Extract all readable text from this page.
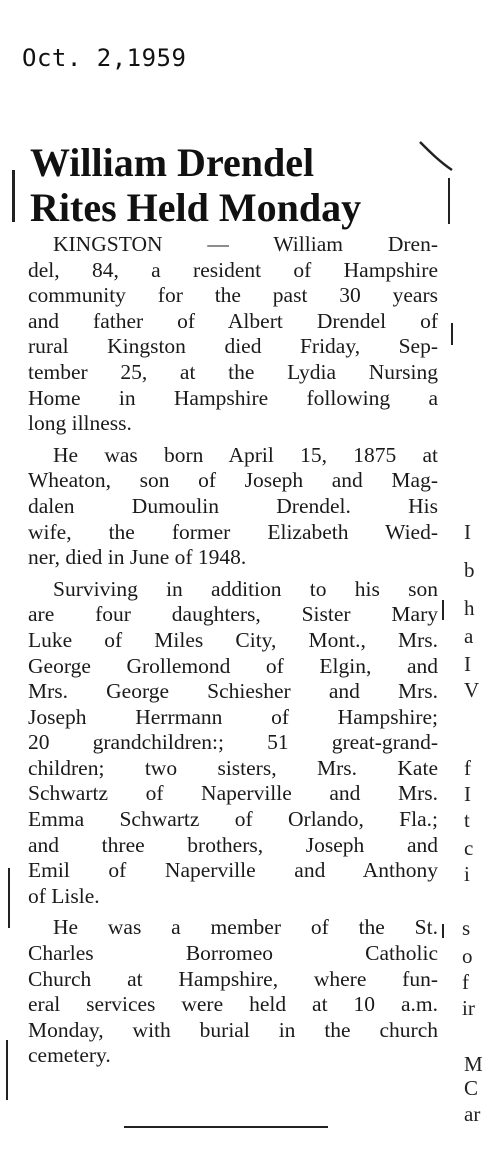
Oct. 2,1959
William Drendel
Rites Held Monday
KINGSTON — William Dren-
del, 84, a resident of Hampshire
community for the past 30 years
and father of Albert Drendel of
rural Kingston died Friday, Sep-
tember 25, at the Lydia Nursing
Home in Hampshire following a
long illness.
He was born April 15, 1875 at
Wheaton, son of Joseph and Mag-
dalen Dumoulin Drendel. His
wife, the former Elizabeth Wied-
ner, died in June of 1948.
Surviving in addition to his son
are four daughters, Sister Mary
Luke of Miles City, Mont., Mrs.
George Grollemond of Elgin, and
Mrs. George Schiesher and Mrs.
Joseph Herrmann of Hampshire;
20 grandchildren:; 51 great-grand-
children; two sisters, Mrs. Kate
Schwartz of Naperville and Mrs.
Emma Schwartz of Orlando, Fla.;
and three brothers, Joseph and
Emil of Naperville and Anthony
of Lisle.
He was a member of the St.
Charles Borromeo Catholic
Church at Hampshire, where fun-
eral services were held at 10 a.m.
Monday, with burial in the church
cemetery.
I
b
h
a
I
V
f
I
t
c
i
s
o
f
ir
M
C
ar
